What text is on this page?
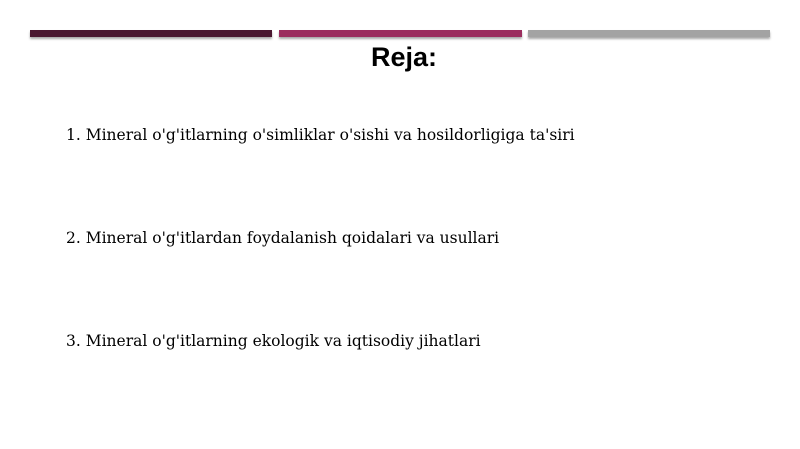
Reja:
1. Mineral o'g'itlarning o'simliklar o'sishi va hosildorligiga ta'siri
2. Mineral o'g'itlardan foydalanish qoidalari va usullari
3. Mineral o'g'itlarning ekologik va iqtisodiy jihatlari
